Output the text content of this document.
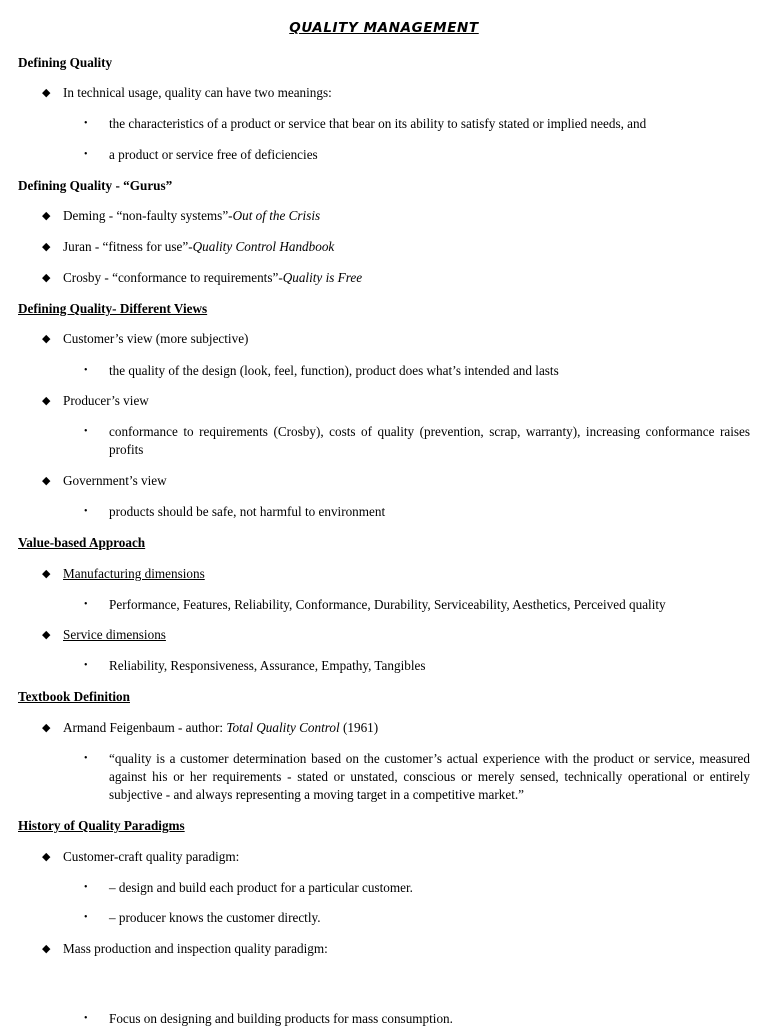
QUALITY MANAGEMENT
Defining Quality
◆ In technical usage, quality can have two meanings:
• the characteristics of a product or service that bear on its ability to satisfy stated or implied needs, and
• a product or service free of deficiencies
Defining Quality - “Gurus”
◆ Deming - “non-faulty systems”-Out of the Crisis
◆ Juran - “fitness for use”-Quality Control Handbook
◆ Crosby - “conformance to requirements”-Quality is Free
Defining Quality- Different Views
◆ Customer’s view (more subjective)
• the quality of the design (look, feel, function), product does what’s intended and lasts
◆ Producer’s view
• conformance to requirements (Crosby), costs of quality (prevention, scrap, warranty), increasing conformance raises profits
◆ Government’s view
• products should be safe, not harmful to environment
Value-based Approach
◆ Manufacturing dimensions
• Performance, Features, Reliability, Conformance, Durability, Serviceability, Aesthetics, Perceived quality
◆ Service dimensions
• Reliability, Responsiveness, Assurance, Empathy, Tangibles
Textbook Definition
◆ Armand Feigenbaum - author: Total Quality Control (1961)
• “quality is a customer determination based on the customer’s actual experience with the product or service, measured against his or her requirements - stated or unstated, conscious or merely sensed, technically operational or entirely subjective - and always representing a moving target in a competitive market.”
History of Quality Paradigms
◆ Customer-craft quality paradigm:
• – design and build each product for a particular customer.
• – producer knows the customer directly.
◆ Mass production and inspection quality paradigm:
• Focus on designing and building products for mass consumption.
